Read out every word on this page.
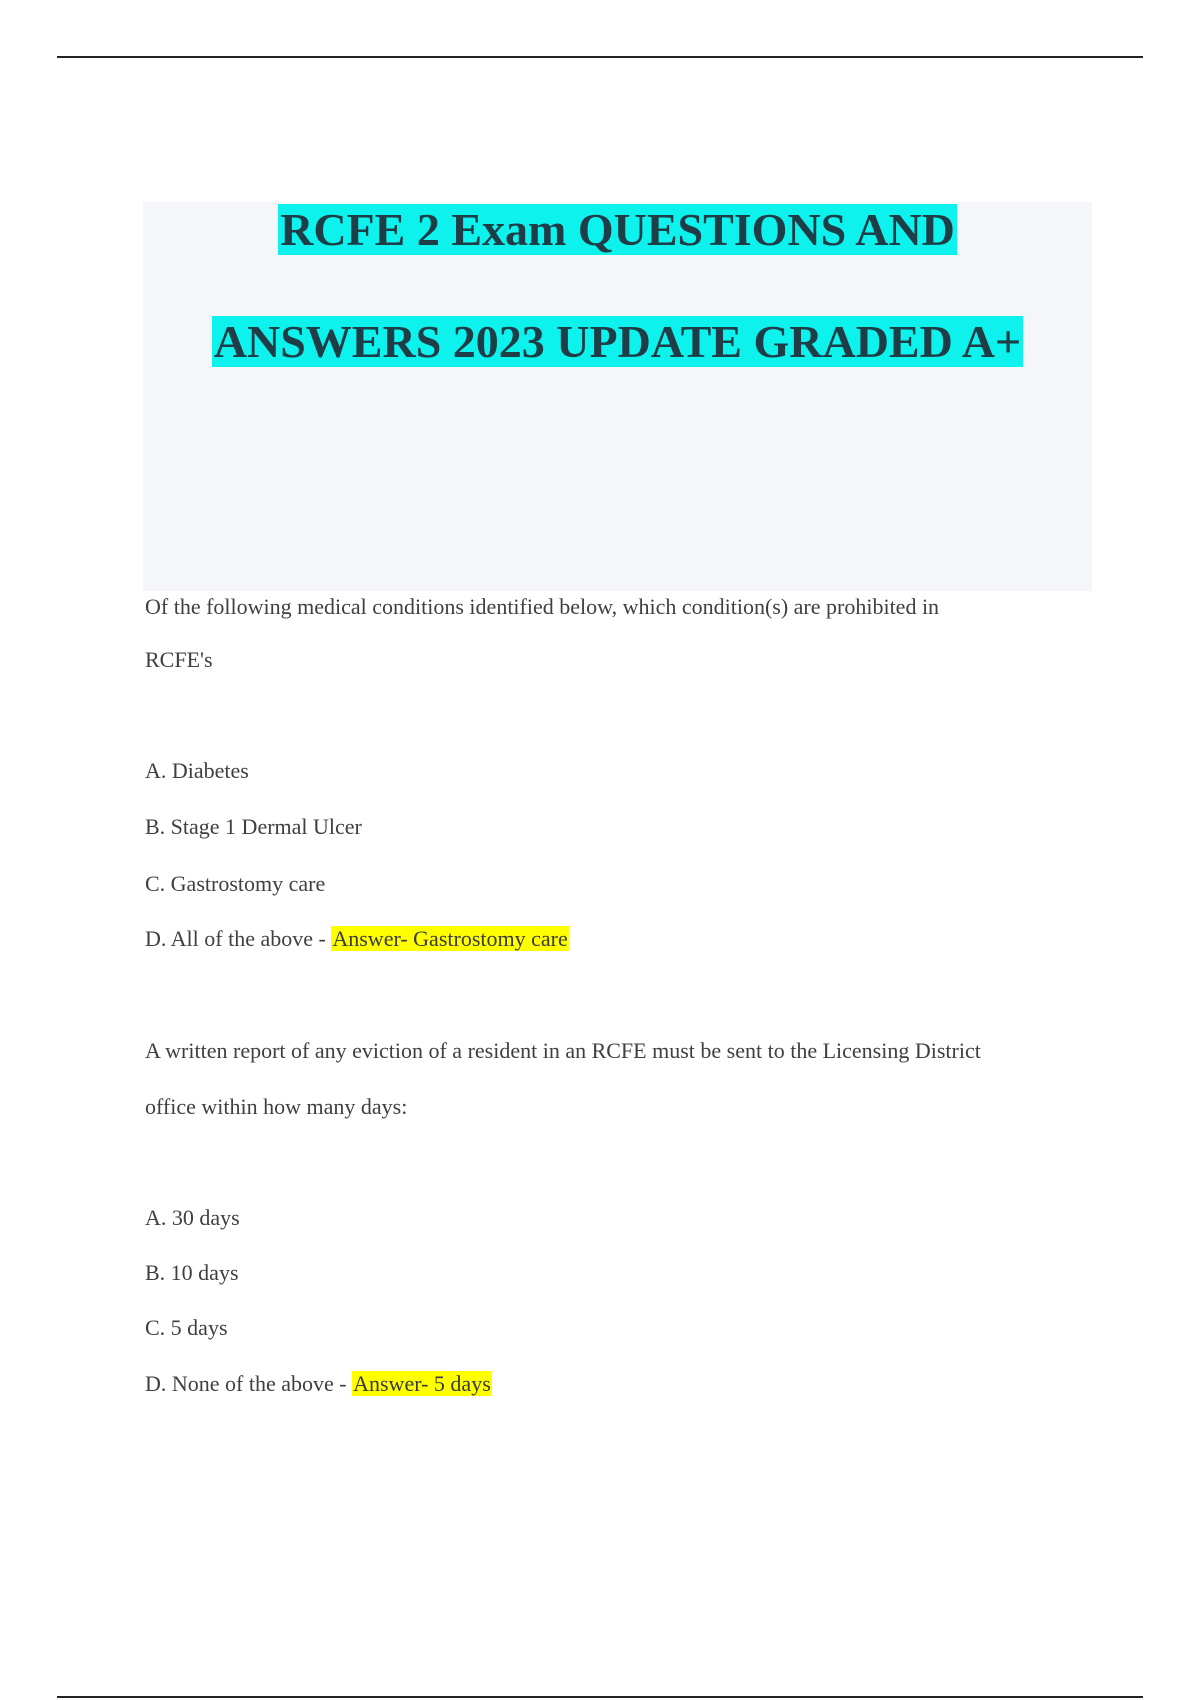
RCFE 2 Exam QUESTIONS AND
ANSWERS 2023 UPDATE GRADED A+
Of the following medical conditions identified below, which condition(s) are prohibited in
RCFE's
A. Diabetes
B. Stage 1 Dermal Ulcer
C. Gastrostomy care
D. All of the above - Answer- Gastrostomy care
A written report of any eviction of a resident in an RCFE must be sent to the Licensing District
office within how many days:
A. 30 days
B. 10 days
C. 5 days
D. None of the above - Answer- 5 days
